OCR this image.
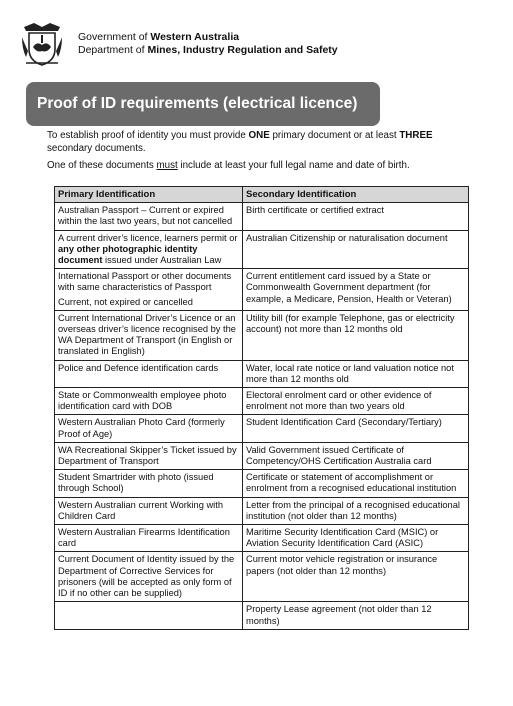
Government of Western Australia
Department of Mines, Industry Regulation and Safety
Proof of ID requirements (electrical licence)

To establish proof of identity you must provide ONE primary document or at least THREE secondary documents.

One of these documents must include at least your full legal name and date of birth.

Primary Identification	Secondary Identification
Australian Passport – Current or expired within the last two years, but not cancelled	Birth certificate or certified extract
A current driver’s licence, learners permit or any other photographic identity document issued under Australian Law	Australian Citizenship or naturalisation document
International Passport or other documents with same characteristics of Passport
Current, not expired or cancelled	Current entitlement card issued by a State or Commonwealth Government department (for example, a Medicare, Pension, Health or Veteran)
Current International Driver’s Licence or an overseas driver’s licence recognised by the WA Department of Transport (in English or translated in English)	Utility bill (for example Telephone, gas or electricity account) not more than 12 months old
Police and Defence identification cards	Water, local rate notice or land valuation notice not more than 12 months old
State or Commonwealth employee photo identification card with DOB	Electoral enrolment card or other evidence of enrolment not more than two years old
Western Australian Photo Card (formerly Proof of Age)	Student Identification Card (Secondary/Tertiary)
WA Recreational Skipper’s Ticket issued by Department of Transport	Valid Government issued Certificate of Competency/OHS Certification Australia card
Student Smartrider with photo (issued through School)	Certificate or statement of accomplishment or enrolment from a recognised educational institution
Western Australian current Working with Children Card	Letter from the principal of a recognised educational institution (not older than 12 months)
Western Australian Firearms Identification card	Maritime Security Identification Card (MSIC) or Aviation Security Identification Card (ASIC)
Current Document of Identity issued by the Department of Corrective Services for prisoners (will be accepted as only form of ID if no other can be supplied)	Current motor vehicle registration or insurance papers (not older than 12 months)
	Property Lease agreement (not older than 12 months)
